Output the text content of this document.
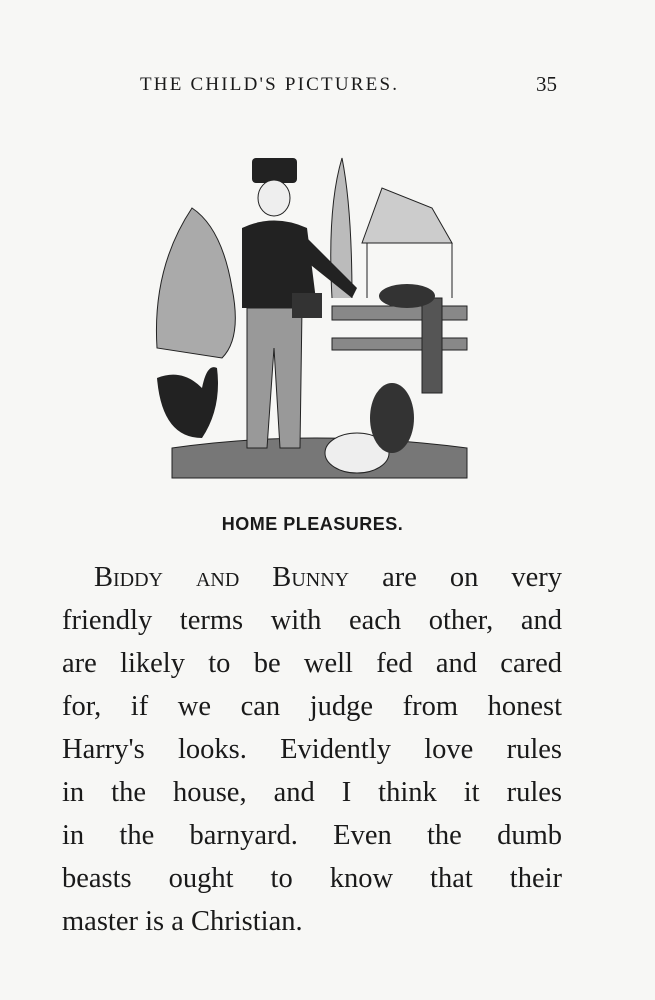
THE CHILD'S PICTURES.	35
HOME PLEASURES.
Biddy and Bunny are on very
friendly terms with each other, and
are likely to be well fed and cared
for, if we can judge from honest
Harry's looks. Evidently love rules
in the house, and I think it rules
in the barnyard. Even the dumb
beasts ought to know that their
master is a Christian.
